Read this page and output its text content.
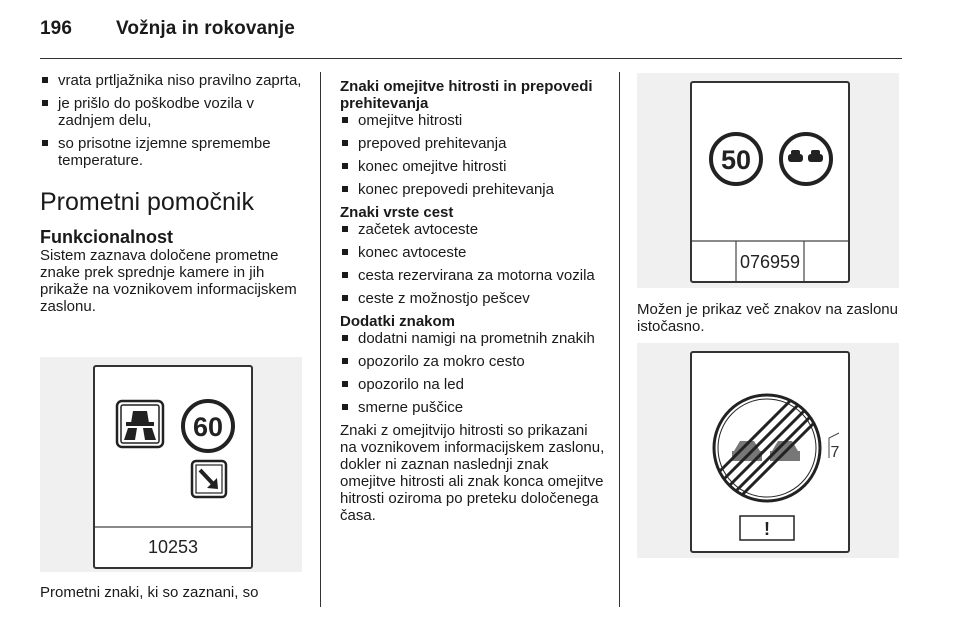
196 Vožnja in rokovanje
vrata prtljažnika niso pravilno zaprta,
je prišlo do poškodbe vozila v zadnjem delu,
so prisotne izjemne spremembe temperature.
Prometni pomočnik
Funkcionalnost
Sistem zaznava določene prometne znake prek sprednje kamere in jih prikaže na voznikovem informacijskem zaslonu.
60
10253
Prometni znaki, ki so zaznani, so
Znaki omejitve hitrosti in prepovedi prehitevanja
omejitve hitrosti
prepoved prehitevanja
konec omejitve hitrosti
konec prepovedi prehitevanja
Znaki vrste cest
začetek avtoceste
konec avtoceste
cesta rezervirana za motorna vozila
ceste z možnostjo pešcev
Dodatki znakom
dodatni namigi na prometnih znakih
opozorilo za mokro cesto
opozorilo na led
smerne puščice
Znaki z omejitvijo hitrosti so prikazani na voznikovem informacijskem zaslonu, dokler ni zaznan naslednji znak omejitve hitrosti ali znak konca omejitve hitrosti oziroma po preteku določenega časa.
50
076959
Možen je prikaz več znakov na zaslonu istočasno.
7
!
